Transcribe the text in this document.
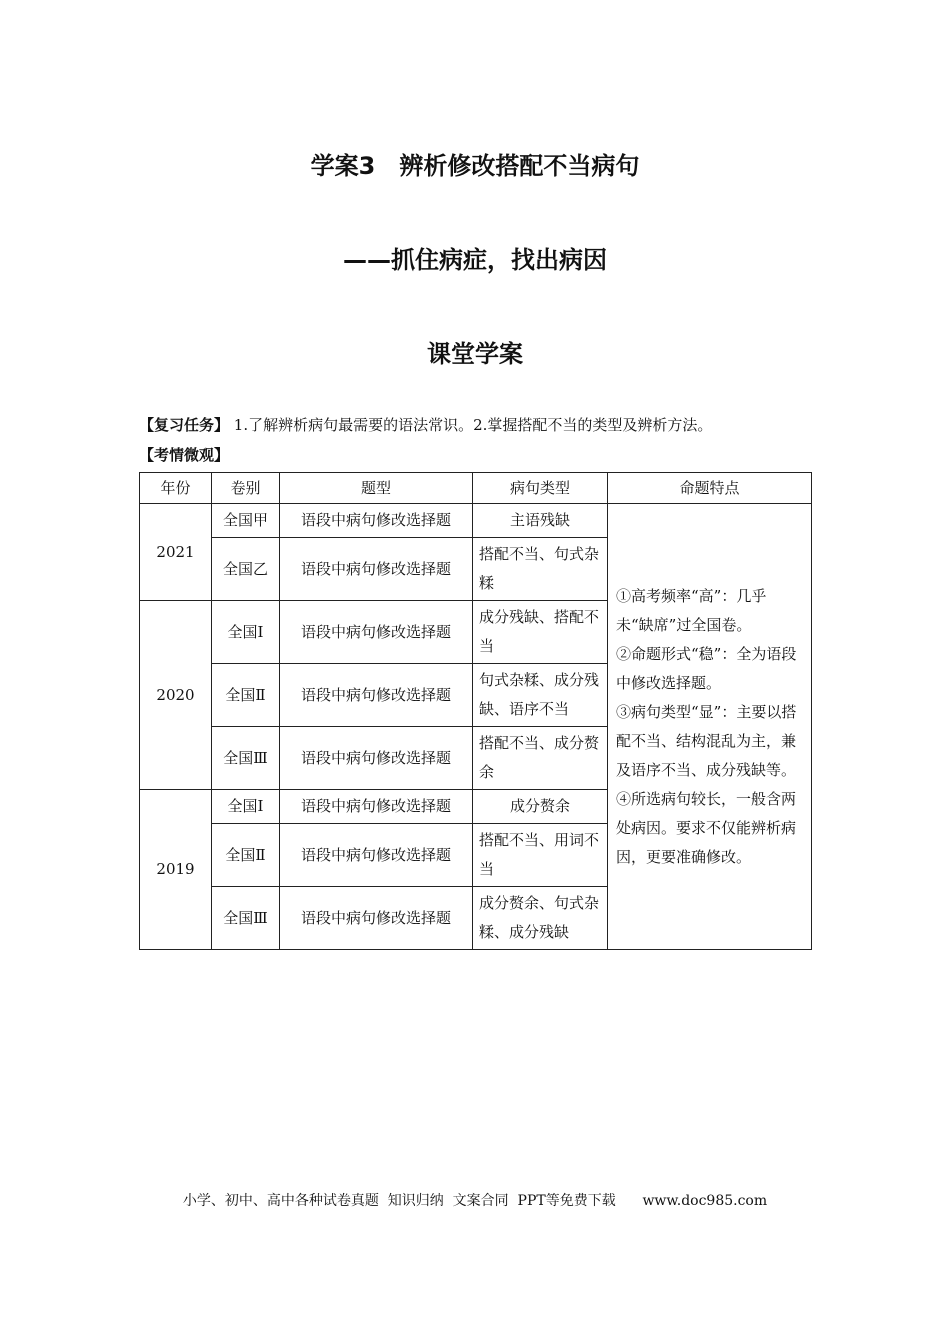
学案3　辨析修改搭配不当病句
——抓住病症，找出病因
课堂学案
【复习任务】 1.了解辨析病句最需要的语法常识。2.掌握搭配不当的类型及辨析方法。
【考情微观】
年份	卷别	题型	病句类型	命题特点
2021	全国甲	语段中病句修改选择题	主语残缺	①高考频率“高”：几乎未“缺席”过全国卷。

②命题形式“稳”：全为语段中修改选择题。

③病句类型“显”：主要以搭配不当、结构混乱为主，兼及语序不当、成分残缺等。

④所选病句较长，一般含两处病因。要求不仅能辨析病因，更要准确修改。

	全国乙	语段中病句修改选择题	搭配不当、句式杂糅	
2020	全国Ⅰ	语段中病句修改选择题	成分残缺、搭配不当	
	全国Ⅱ	语段中病句修改选择题	句式杂糅、成分残缺、语序不当	
	全国Ⅲ	语段中病句修改选择题	搭配不当、成分赘余	
2019	全国Ⅰ	语段中病句修改选择题	成分赘余	
	全国Ⅱ	语段中病句修改选择题	搭配不当、用词不当	
	全国Ⅲ	语段中病句修改选择题	成分赘余、句式杂糅、成分残缺	
小学、初中、高中各种试卷真题  知识归纳  文案合同  PPT等免费下载 www.doc985.com
